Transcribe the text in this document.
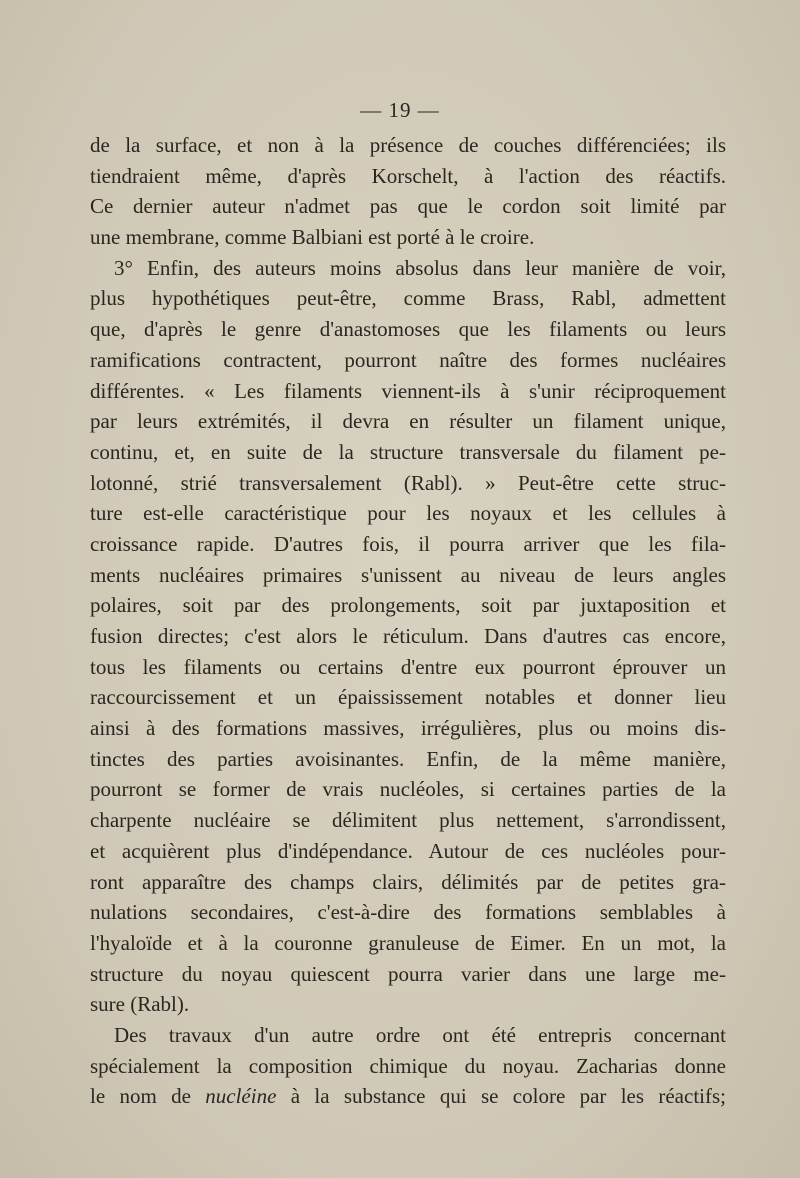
— 19 —
de la surface, et non à la présence de couches différenciées; ils
tiendraient même, d'après Korschelt, à l'action des réactifs.
Ce dernier auteur n'admet pas que le cordon soit limité par
une membrane, comme Balbiani est porté à le croire.
3° Enfin, des auteurs moins absolus dans leur manière de voir,
plus hypothétiques peut-être, comme Brass, Rabl, admettent
que, d'après le genre d'anastomoses que les filaments ou leurs
ramifications contractent, pourront naître des formes nucléaires
différentes. « Les filaments viennent-ils à s'unir réciproquement
par leurs extrémités, il devra en résulter un filament unique,
continu, et, en suite de la structure transversale du filament pe-
lotonné, strié transversalement (Rabl). » Peut-être cette struc-
ture est-elle caractéristique pour les noyaux et les cellules à
croissance rapide. D'autres fois, il pourra arriver que les fila-
ments nucléaires primaires s'unissent au niveau de leurs angles
polaires, soit par des prolongements, soit par juxtaposition et
fusion directes; c'est alors le réticulum. Dans d'autres cas encore,
tous les filaments ou certains d'entre eux pourront éprouver un
raccourcissement et un épaississement notables et donner lieu
ainsi à des formations massives, irrégulières, plus ou moins dis-
tinctes des parties avoisinantes. Enfin, de la même manière,
pourront se former de vrais nucléoles, si certaines parties de la
charpente nucléaire se délimitent plus nettement, s'arrondissent,
et acquièrent plus d'indépendance. Autour de ces nucléoles pour-
ront apparaître des champs clairs, délimités par de petites gra-
nulations secondaires, c'est-à-dire des formations semblables à
l'hyaloïde et à la couronne granuleuse de Eimer. En un mot, la
structure du noyau quiescent pourra varier dans une large me-
sure (Rabl).
Des travaux d'un autre ordre ont été entrepris concernant
spécialement la composition chimique du noyau. Zacharias donne
le nom de nucléine à la substance qui se colore par les réactifs;
